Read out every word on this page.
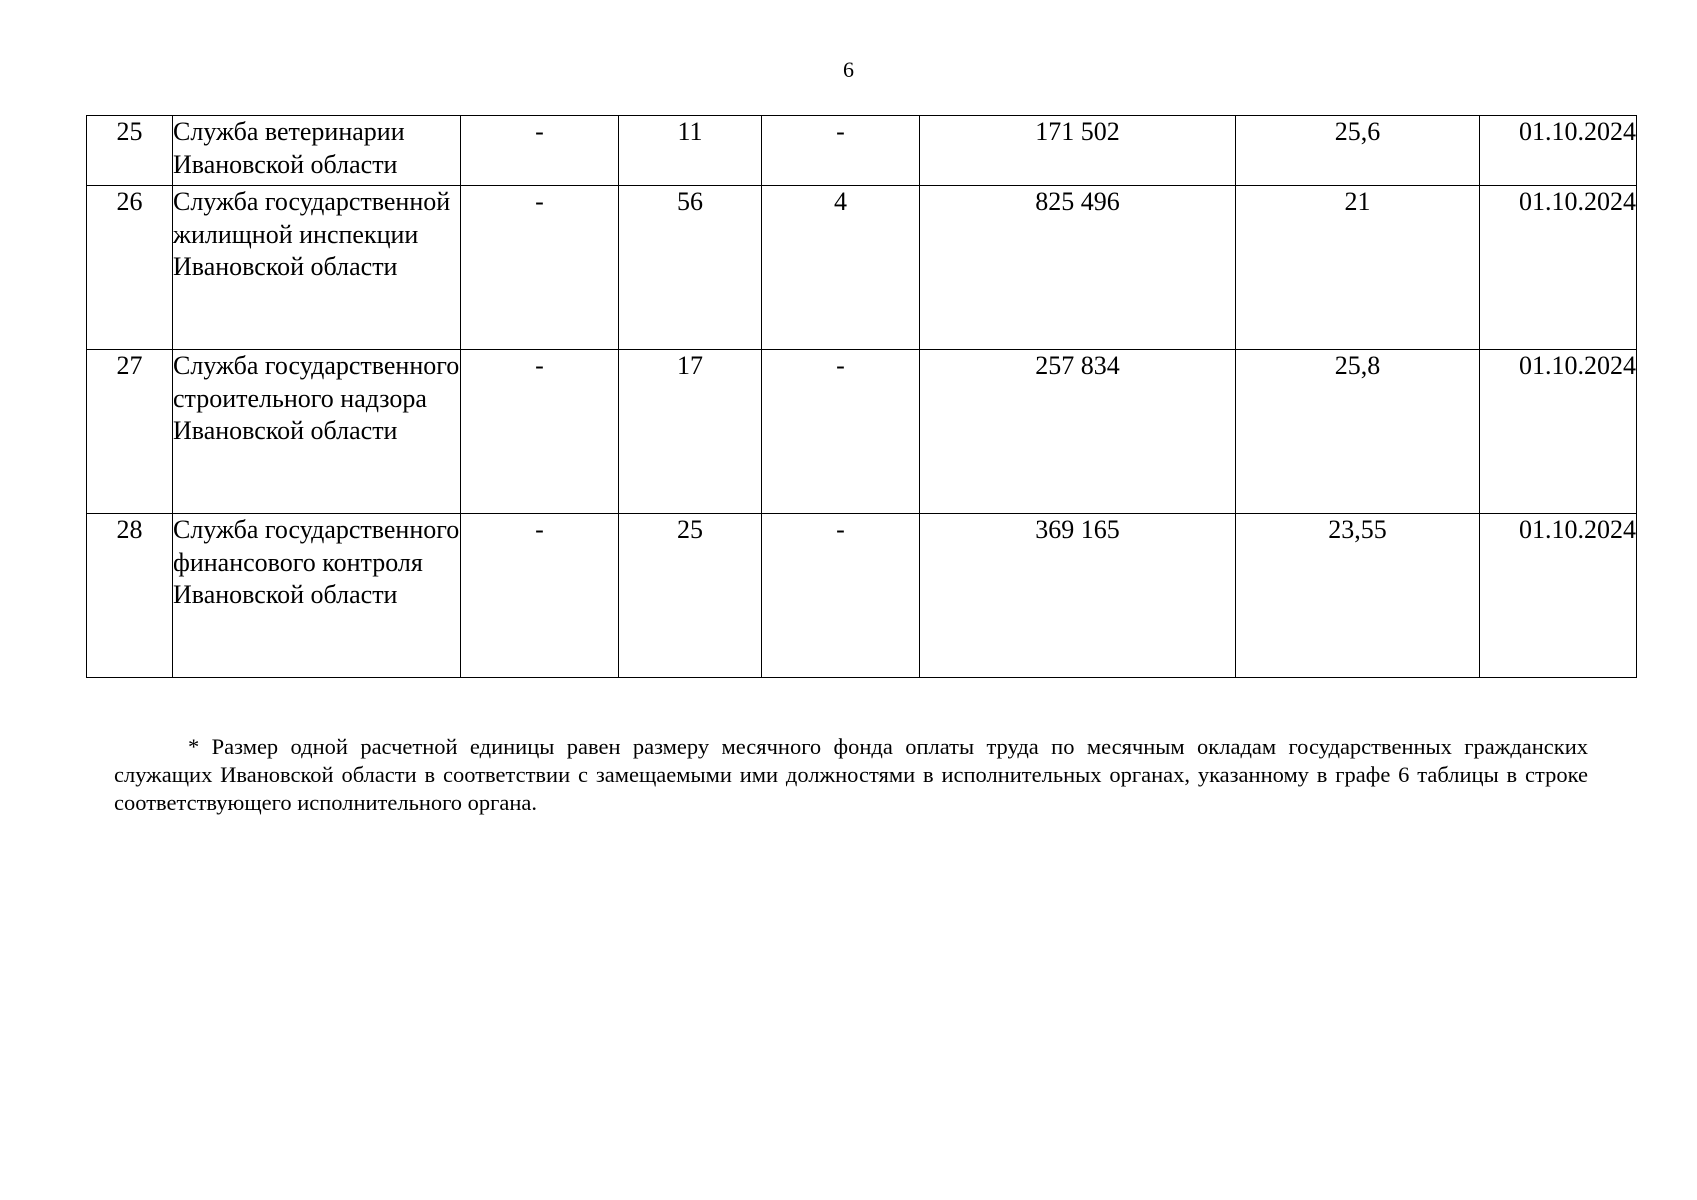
6
25	Служба ветеринарии Ивановской области	-	11	-	171 502	25,6	01.10.2024
26	Служба государственной жилищной инспекции Ивановской области	-	56	4	825 496	21	01.10.2024
27	Служба государственного строительного надзора Ивановской области	-	17	-	257 834	25,8	01.10.2024
28	Служба государственного финансового контроля Ивановской области	-	25	-	369 165	23,55	01.10.2024

* Размер одной расчетной единицы равен размеру месячного фонда оплаты труда по месячным окладам государственных гражданских служащих Ивановской области в соответствии с замещаемыми ими должностями в исполнительных органах, указанному в графе 6 таблицы в строке соответствующего исполнительного органа.
